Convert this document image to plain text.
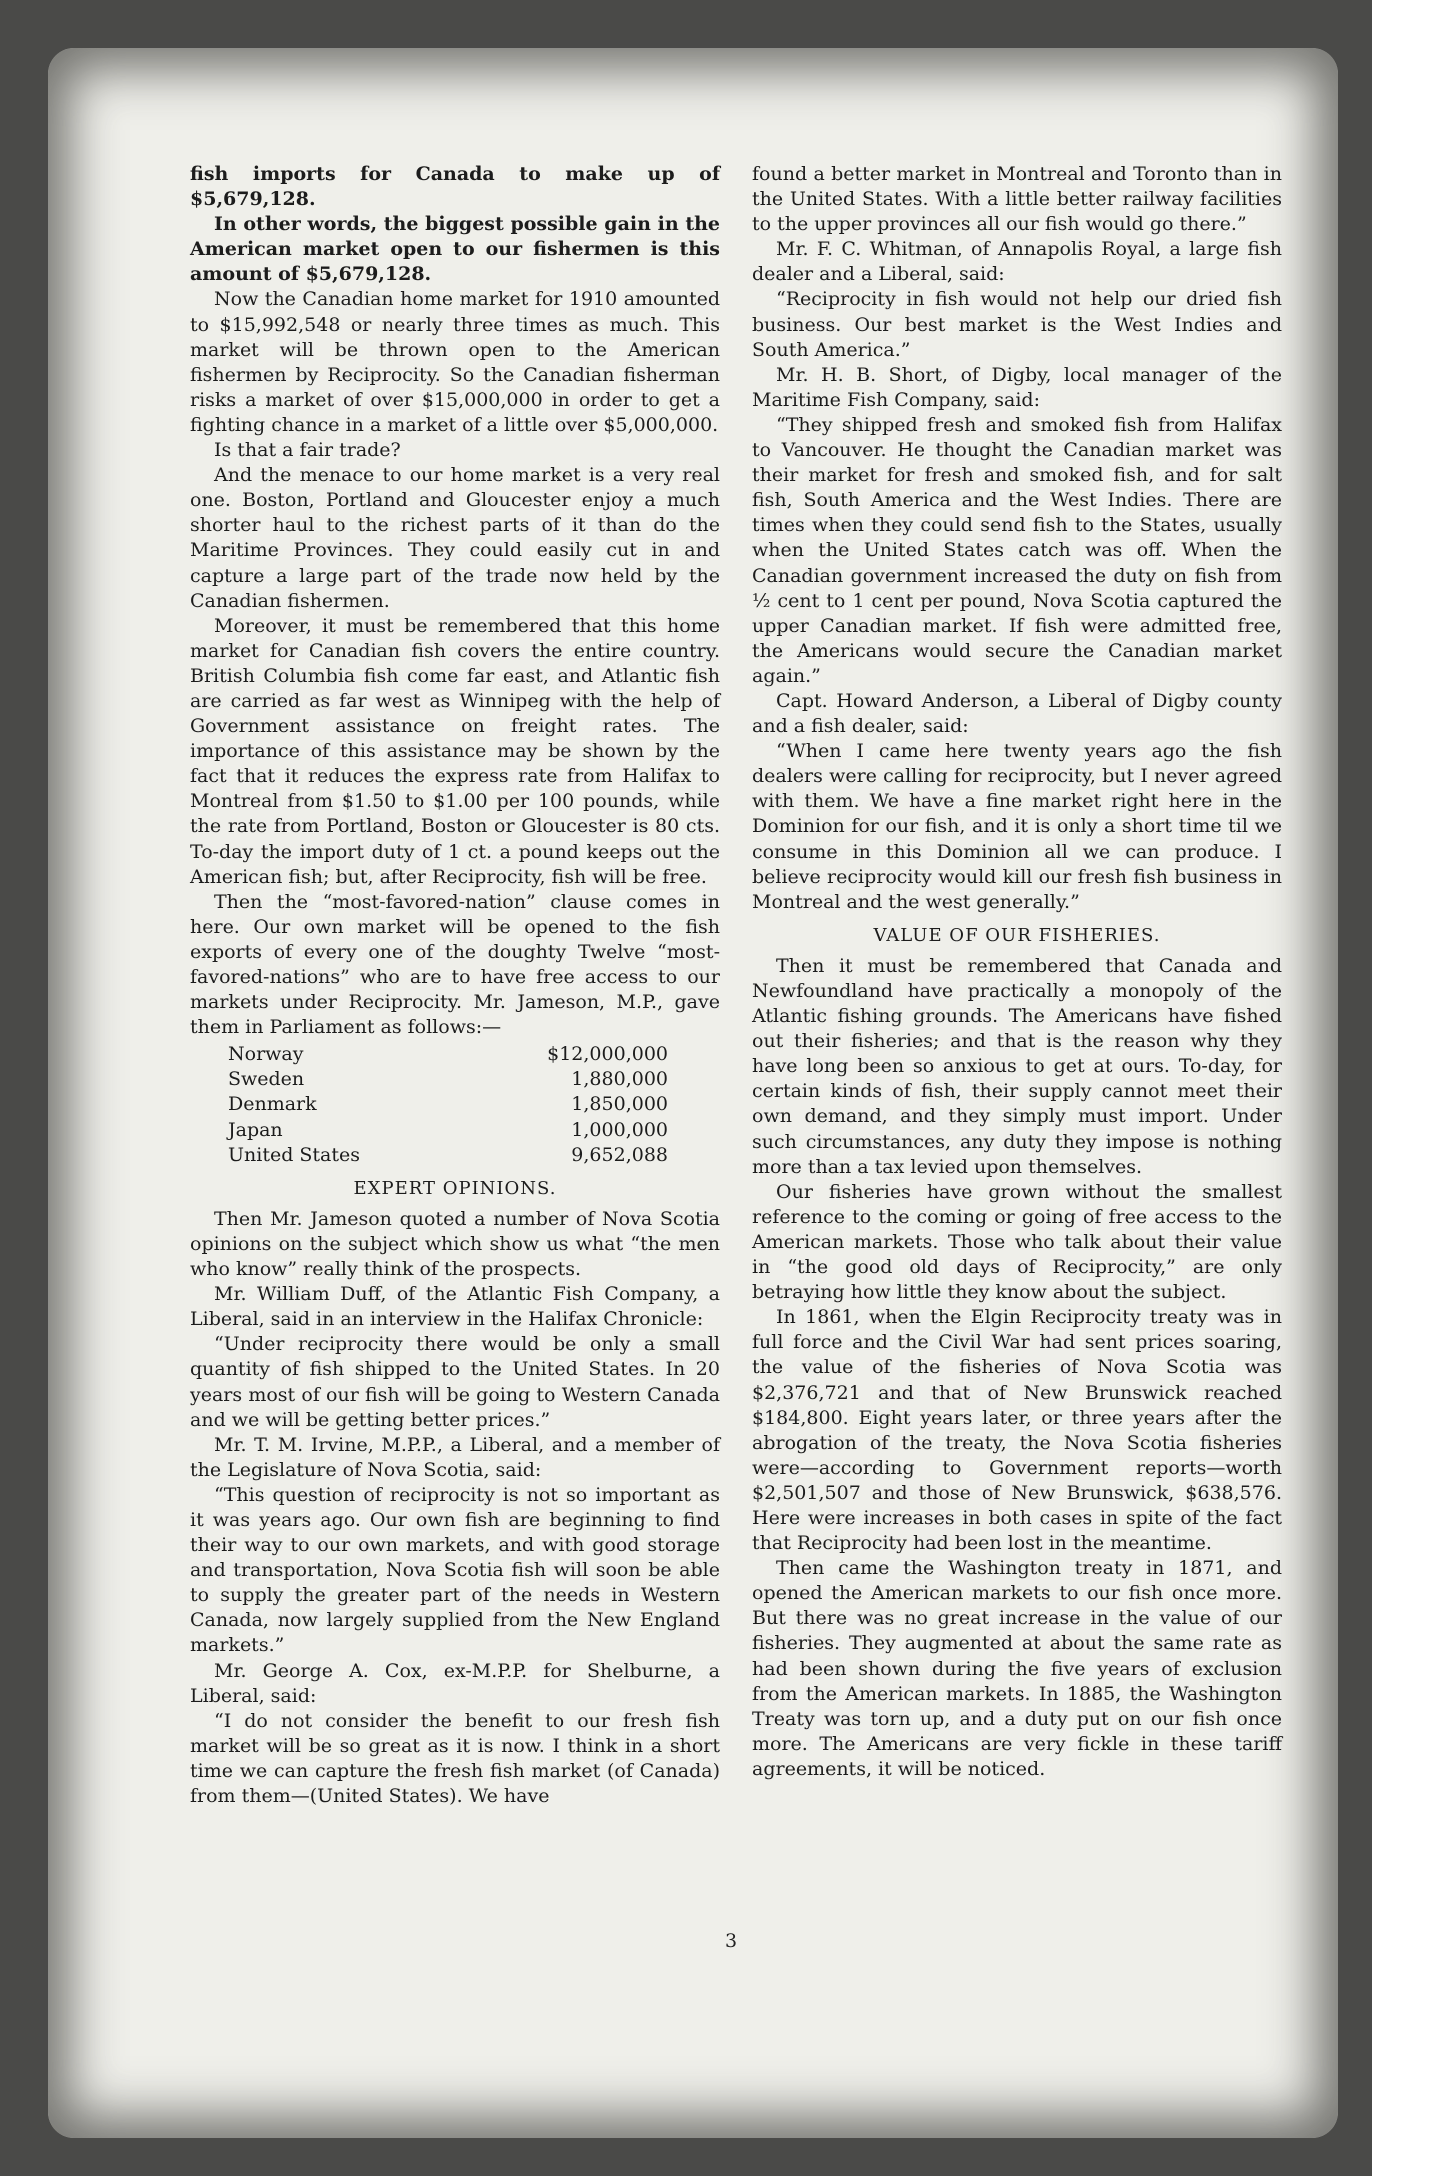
fish imports for Canada to make up of $5,679,128.

In other words, the biggest possible gain in the American market open to our fishermen is this amount of $5,679,128.

Now the Canadian home market for 1910 amounted to $15,992,548 or nearly three times as much. This market will be thrown open to the American fishermen by Reciprocity. So the Canadian fisherman risks a market of over $15,000,000 in order to get a fighting chance in a market of a little over $5,000,000.

Is that a fair trade?

And the menace to our home market is a very real one. Boston, Portland and Gloucester enjoy a much shorter haul to the richest parts of it than do the Maritime Provinces. They could easily cut in and capture a large part of the trade now held by the Canadian fishermen.

Moreover, it must be remembered that this home market for Canadian fish covers the entire country. British Columbia fish come far east, and Atlantic fish are carried as far west as Winnipeg with the help of Government assistance on freight rates. The importance of this assistance may be shown by the fact that it reduces the express rate from Halifax to Montreal from $1.50 to $1.00 per 100 pounds, while the rate from Portland, Boston or Gloucester is 80 cts. To-day the import duty of 1 ct. a pound keeps out the American fish; but, after Reciprocity, fish will be free.

Then the “most-favored-nation” clause comes in here. Our own market will be opened to the fish exports of every one of the doughty Twelve “most-favored-nations” who are to have free access to our markets under Reciprocity. Mr. Jameson, M.P., gave them in Parliament as follows:—

Norway	$12,000,000
Sweden	1,880,000
Denmark	1,850,000
Japan	1,000,000
United States	9,652,088
EXPERT OPINIONS.

Then Mr. Jameson quoted a number of Nova Scotia opinions on the subject which show us what “the men who know” really think of the prospects.

Mr. William Duff, of the Atlantic Fish Company, a Liberal, said in an interview in the Halifax Chronicle:

“Under reciprocity there would be only a small quantity of fish shipped to the United States. In 20 years most of our fish will be going to Western Canada and we will be getting better prices.”

Mr. T. M. Irvine, M.P.P., a Liberal, and a member of the Legislature of Nova Scotia, said:

“This question of reciprocity is not so important as it was years ago. Our own fish are beginning to find their way to our own markets, and with good storage and transportation, Nova Scotia fish will soon be able to supply the greater part of the needs in Western Canada, now largely supplied from the New England markets.”

Mr. George A. Cox, ex-M.P.P. for Shelburne, a Liberal, said:

“I do not consider the benefit to our fresh fish market will be so great as it is now. I think in a short time we can capture the fresh fish market (of Canada) from them—(United States). We have

found a better market in Montreal and Toronto than in the United States. With a little better railway facilities to the upper provinces all our fish would go there.”

Mr. F. C. Whitman, of Annapolis Royal, a large fish dealer and a Liberal, said:

“Reciprocity in fish would not help our dried fish business. Our best market is the West Indies and South America.”

Mr. H. B. Short, of Digby, local manager of the Maritime Fish Company, said:

“They shipped fresh and smoked fish from Halifax to Vancouver. He thought the Canadian market was their market for fresh and smoked fish, and for salt fish, South America and the West Indies. There are times when they could send fish to the States, usually when the United States catch was off. When the Canadian government increased the duty on fish from ½ cent to 1 cent per pound, Nova Scotia captured the upper Canadian market. If fish were admitted free, the Americans would secure the Canadian market again.”

Capt. Howard Anderson, a Liberal of Digby county and a fish dealer, said:

“When I came here twenty years ago the fish dealers were calling for reciprocity, but I never agreed with them. We have a fine market right here in the Dominion for our fish, and it is only a short time til we consume in this Dominion all we can produce. I believe reciprocity would kill our fresh fish business in Montreal and the west generally.”

VALUE OF OUR FISHERIES.

Then it must be remembered that Canada and Newfoundland have practically a monopoly of the Atlantic fishing grounds. The Americans have fished out their fisheries; and that is the reason why they have long been so anxious to get at ours. To-day, for certain kinds of fish, their supply cannot meet their own demand, and they simply must import. Under such circumstances, any duty they impose is nothing more than a tax levied upon themselves.

Our fisheries have grown without the smallest reference to the coming or going of free access to the American markets. Those who talk about their value in “the good old days of Reciprocity,” are only betraying how little they know about the subject.

In 1861, when the Elgin Reciprocity treaty was in full force and the Civil War had sent prices soaring, the value of the fisheries of Nova Scotia was $2,376,721 and that of New Brunswick reached $184,800. Eight years later, or three years after the abrogation of the treaty, the Nova Scotia fisheries were—according to Government reports—worth $2,501,507 and those of New Brunswick, $638,576. Here were increases in both cases in spite of the fact that Reciprocity had been lost in the meantime.

Then came the Washington treaty in 1871, and opened the American markets to our fish once more. But there was no great increase in the value of our fisheries. They augmented at about the same rate as had been shown during the five years of exclusion from the American markets. In 1885, the Washington Treaty was torn up, and a duty put on our fish once more. The Americans are very fickle in these tariff agreements, it will be noticed.

3
